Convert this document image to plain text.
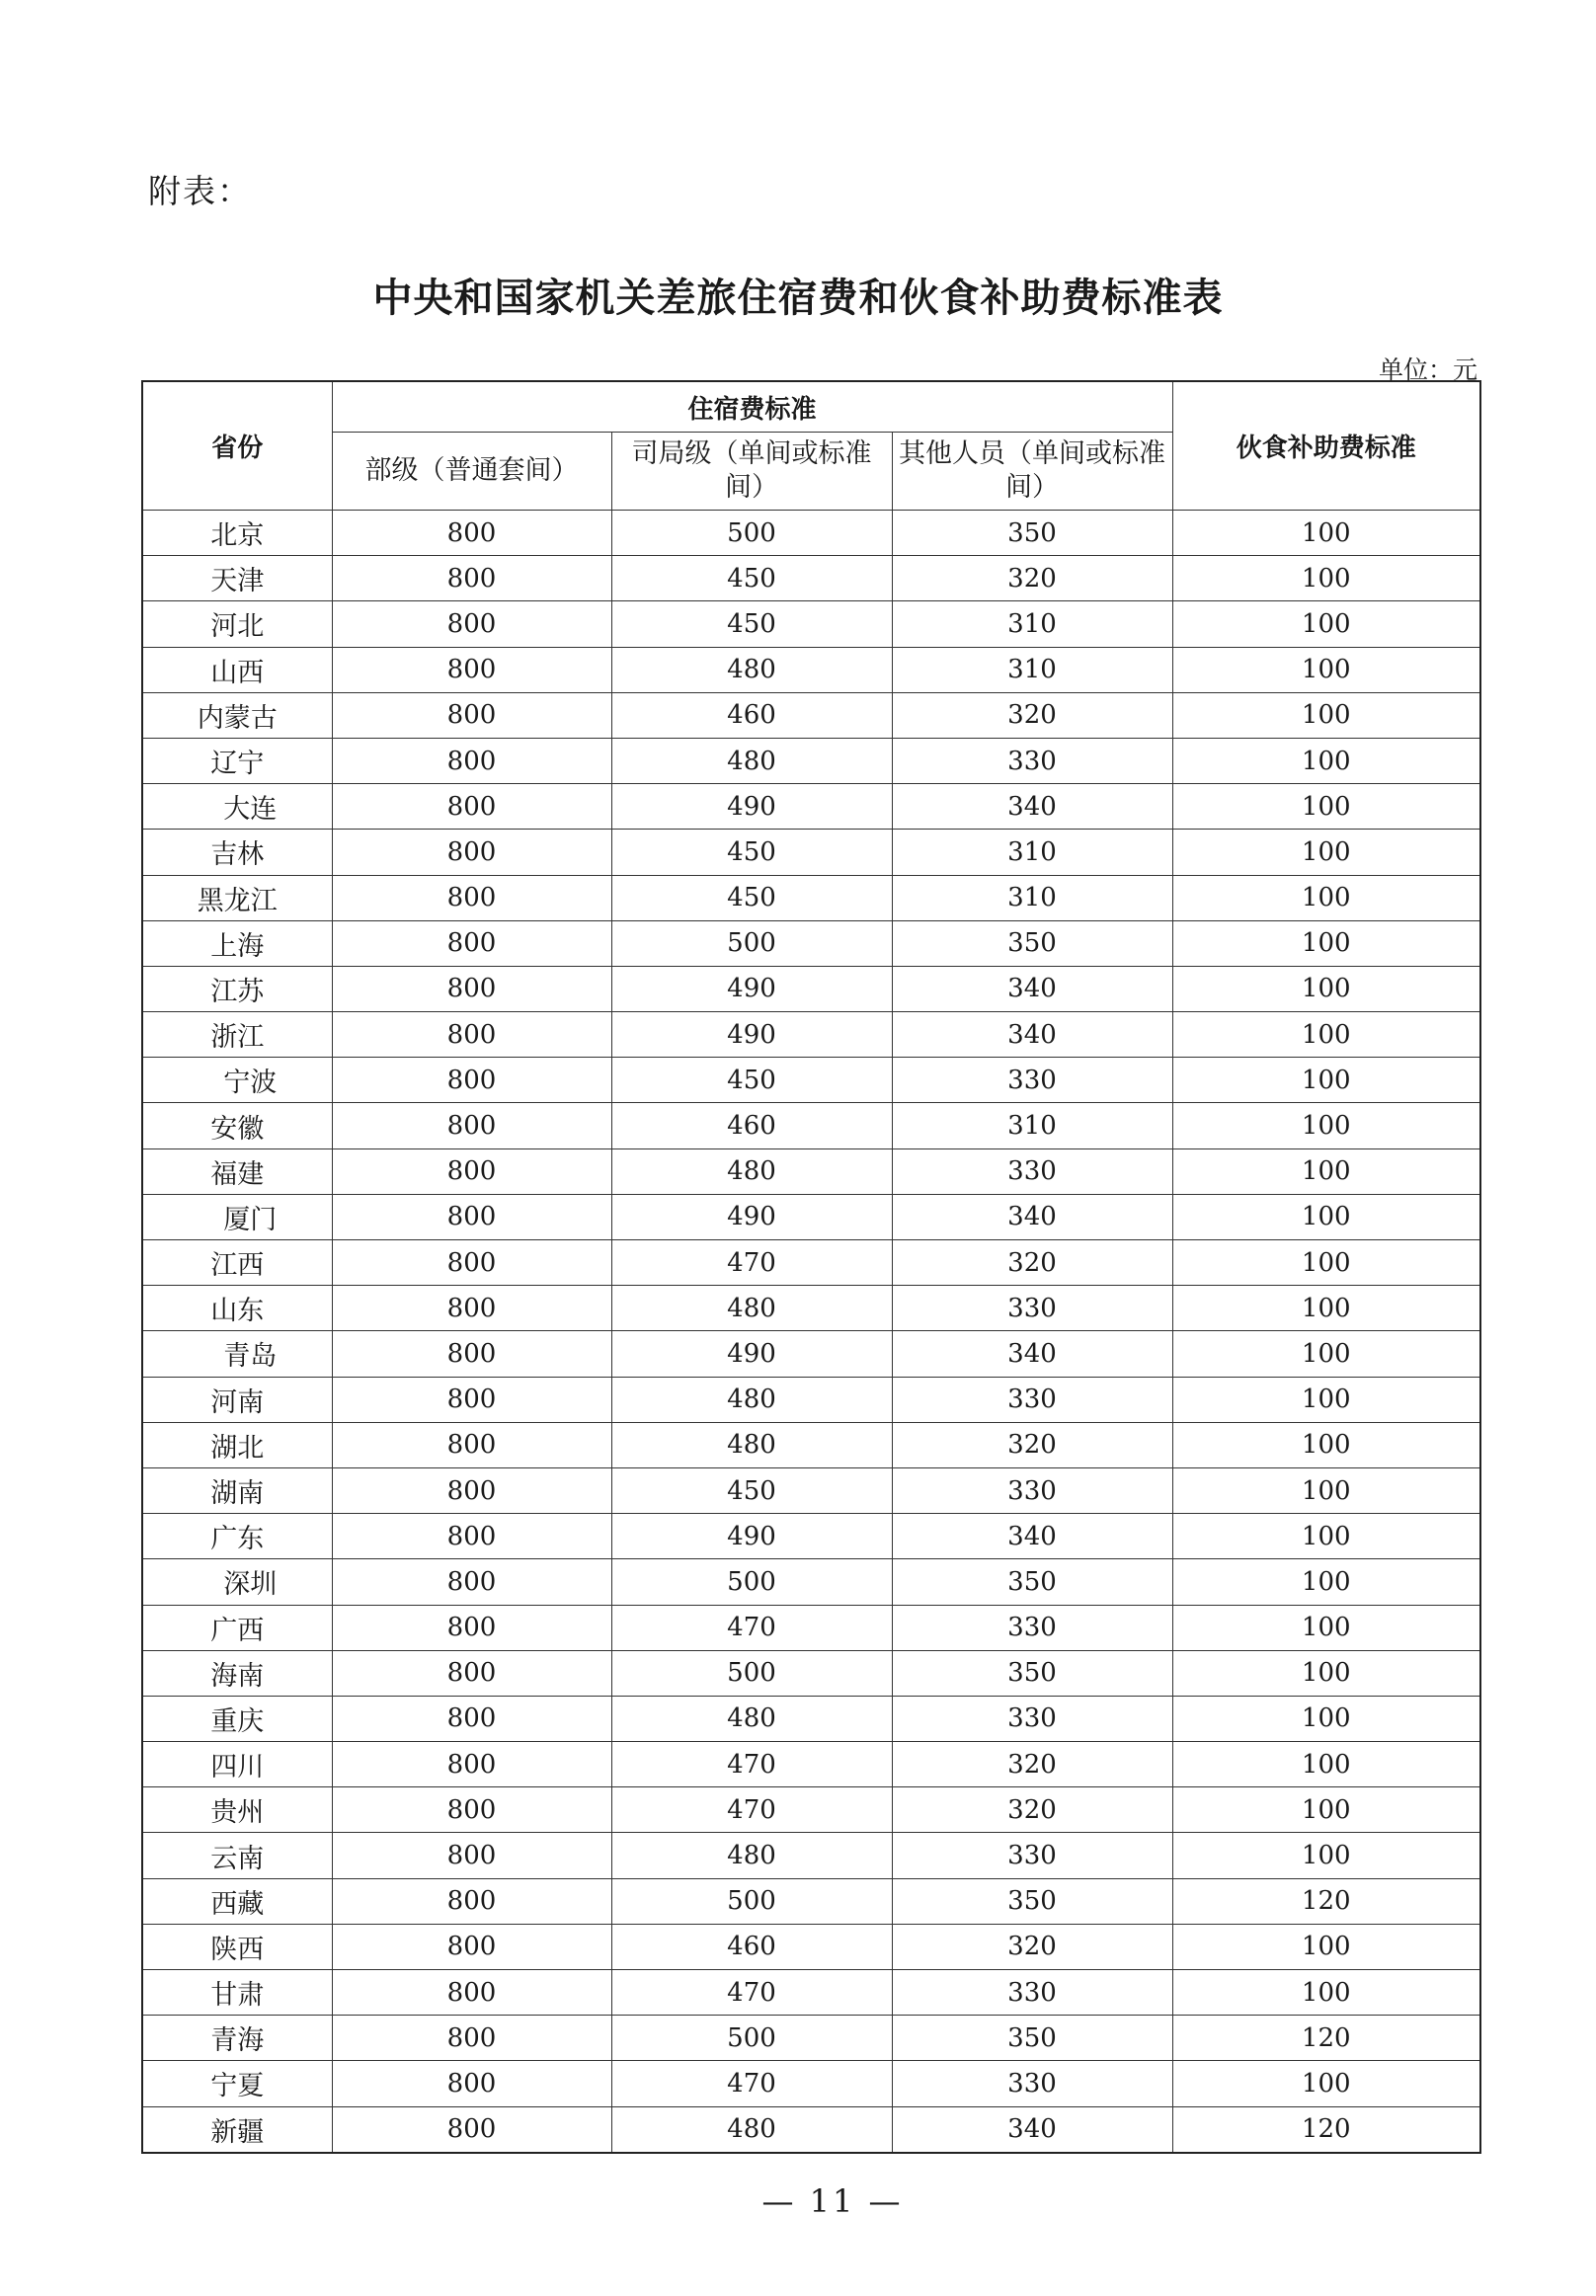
附表：
中央和国家机关差旅住宿费和伙食补助费标准表
单位：元
省份	住宿费标准			伙食补助费标准
	部级（普通套间）	司局级（单间或标准间）	其他人员（单间或标准间）	
北京	800	500	350	100
天津	800	450	320	100
河北	800	450	310	100
山西	800	480	310	100
内蒙古	800	460	320	100
辽宁	800	480	330	100
大连	800	490	340	100
吉林	800	450	310	100
黑龙江	800	450	310	100
上海	800	500	350	100
江苏	800	490	340	100
浙江	800	490	340	100
宁波	800	450	330	100
安徽	800	460	310	100
福建	800	480	330	100
厦门	800	490	340	100
江西	800	470	320	100
山东	800	480	330	100
青岛	800	490	340	100
河南	800	480	330	100
湖北	800	480	320	100
湖南	800	450	330	100
广东	800	490	340	100
深圳	800	500	350	100
广西	800	470	330	100
海南	800	500	350	100
重庆	800	480	330	100
四川	800	470	320	100
贵州	800	470	320	100
云南	800	480	330	100
西藏	800	500	350	120
陕西	800	460	320	100
甘肃	800	470	330	100
青海	800	500	350	120
宁夏	800	470	330	100
新疆	800	480	340	120
— 11 —
